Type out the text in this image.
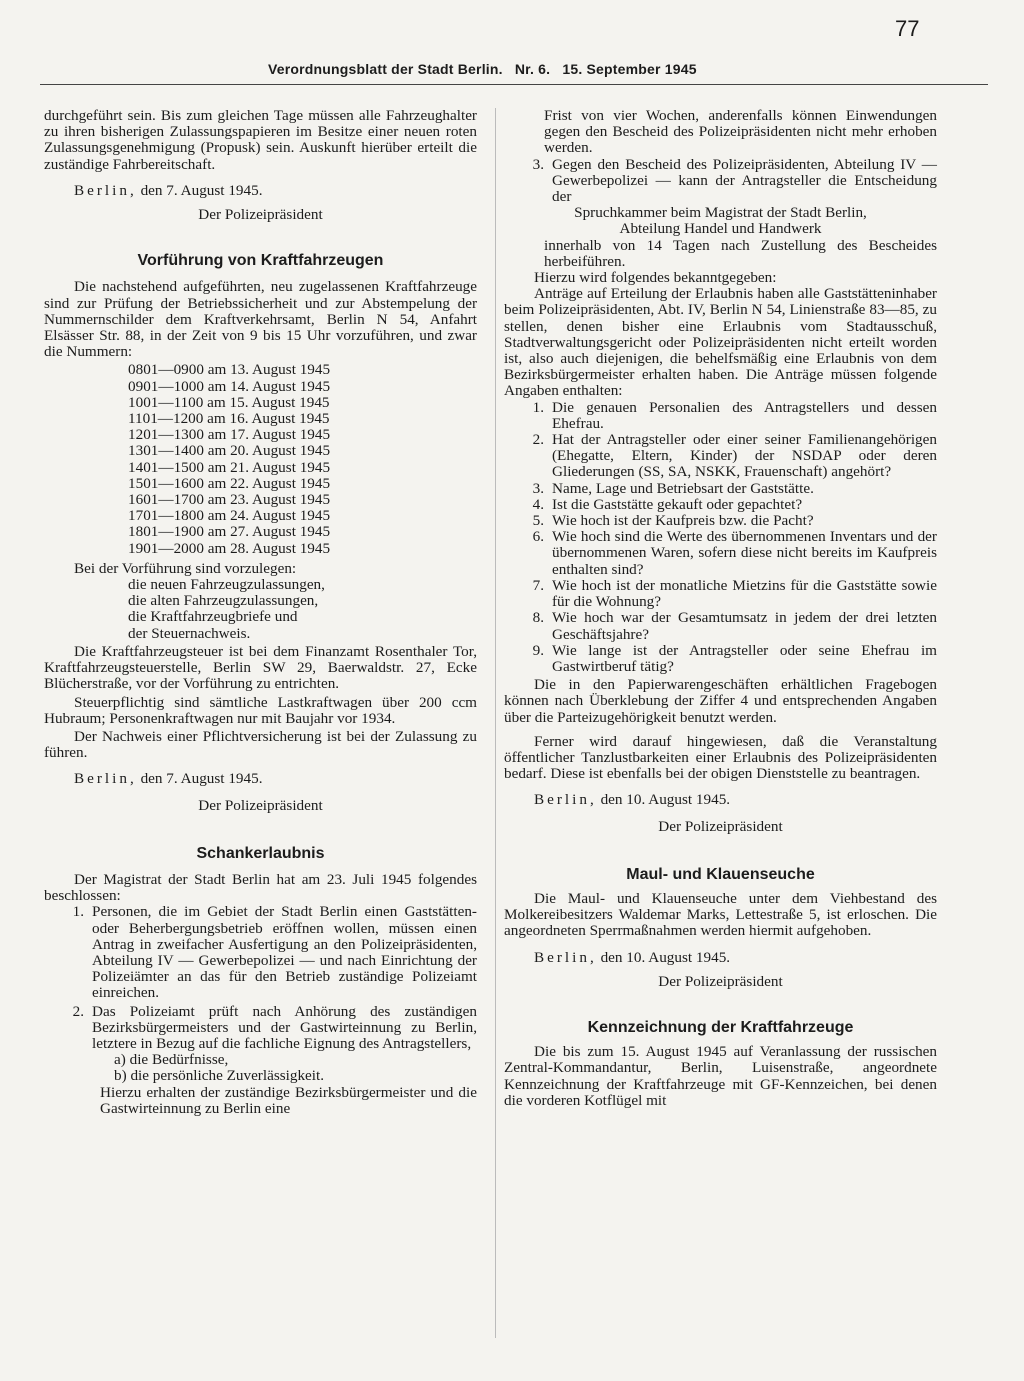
77
Verordnungsblatt der Stadt Berlin. Nr. 6. 15. September 1945

durchgeführt sein. Bis zum gleichen Tage müssen alle Fahrzeughalter zu ihren bisherigen Zulassungspapieren im Besitze einer neuen roten Zulassungsgenehmigung (Propusk) sein. Auskunft hierüber erteilt die zuständige Fahrbereitschaft.

Berlin, den 7. August 1945.

Der Polizeipräsident

Vorführung von Kraftfahrzeugen

Die nachstehend aufgeführten, neu zugelassenen Kraftfahrzeuge sind zur Prüfung der Betriebssicherheit und zur Abstempelung der Nummernschilder dem Kraftverkehrsamt, Berlin N 54, Anfahrt Elsässer Str. 88, in der Zeit von 9 bis 15 Uhr vorzuführen, und zwar die Nummern:

0801—0900 am 13. August 1945
0901—1000 am 14. August 1945
1001—1100 am 15. August 1945
1101—1200 am 16. August 1945
1201—1300 am 17. August 1945
1301—1400 am 20. August 1945
1401—1500 am 21. August 1945
1501—1600 am 22. August 1945
1601—1700 am 23. August 1945
1701—1800 am 24. August 1945
1801—1900 am 27. August 1945
1901—2000 am 28. August 1945

Bei der Vorführung sind vorzulegen:

die neuen Fahrzeugzulassungen,
die alten Fahrzeugzulassungen,
die Kraftfahrzeugbriefe und
der Steuernachweis.

Die Kraftfahrzeugsteuer ist bei dem Finanzamt Rosenthaler Tor, Kraftfahrzeugsteuerstelle, Berlin SW 29, Baerwaldstr. 27, Ecke Blücherstraße, vor der Vorführung zu entrichten.

Steuerpflichtig sind sämtliche Lastkraftwagen über 200 ccm Hubraum; Personenkraftwagen nur mit Baujahr vor 1934.

Der Nachweis einer Pflichtversicherung ist bei der Zulassung zu führen.

Berlin, den 7. August 1945.

Der Polizeipräsident

Schankerlaubnis

Der Magistrat der Stadt Berlin hat am 23. Juli 1945 folgendes beschlossen:

1. Personen, die im Gebiet der Stadt Berlin einen Gaststätten- oder Beherbergungsbetrieb eröffnen wollen, müssen einen Antrag in zweifacher Ausfertigung an den Polizeipräsidenten, Abteilung IV — Gewerbepolizei — und nach Einrichtung der Polizeiämter an das für den Betrieb zuständige Polizeiamt einreichen.
2. Das Polizeiamt prüft nach Anhörung des zuständigen Bezirksbürgermeisters und der Gastwirteinnung zu Berlin, letztere in Bezug auf die fachliche Eignung des Antragstellers,
a) die Bedürfnisse,
b) die persönliche Zuverlässigkeit.

Hierzu erhalten der zuständige Bezirksbürgermeister und die Gastwirteinnung zu Berlin eine

Frist von vier Wochen, anderenfalls können Einwendungen gegen den Bescheid des Polizeipräsidenten nicht mehr erhoben werden.

3. Gegen den Bescheid des Polizeipräsidenten, Abteilung IV — Gewerbepolizei — kann der Antragsteller die Entscheidung der

Spruchkammer beim Magistrat der Stadt Berlin,

Abteilung Handel und Handwerk

innerhalb von 14 Tagen nach Zustellung des Bescheides herbeiführen.

Hierzu wird folgendes bekanntgegeben:

Anträge auf Erteilung der Erlaubnis haben alle Gaststätteninhaber beim Polizeipräsidenten, Abt. IV, Berlin N 54, Linienstraße 83—85, zu stellen, denen bisher eine Erlaubnis vom Stadtausschuß, Stadtverwaltungsgericht oder Polizeipräsidenten nicht erteilt worden ist, also auch diejenigen, die behelfsmäßig eine Erlaubnis von dem Bezirksbürgermeister erhalten haben. Die Anträge müssen folgende Angaben enthalten:

1. Die genauen Personalien des Antragstellers und dessen Ehefrau.
2. Hat der Antragsteller oder einer seiner Familienangehörigen (Ehegatte, Eltern, Kinder) der NSDAP oder deren Gliederungen (SS, SA, NSKK, Frauenschaft) angehört?
3. Name, Lage und Betriebsart der Gaststätte.
4. Ist die Gaststätte gekauft oder gepachtet?
5. Wie hoch ist der Kaufpreis bzw. die Pacht?
6. Wie hoch sind die Werte des übernommenen Inventars und der übernommenen Waren, sofern diese nicht bereits im Kaufpreis enthalten sind?
7. Wie hoch ist der monatliche Mietzins für die Gaststätte sowie für die Wohnung?
8. Wie hoch war der Gesamtumsatz in jedem der drei letzten Geschäftsjahre?
9. Wie lange ist der Antragsteller oder seine Ehefrau im Gastwirtberuf tätig?

Die in den Papierwarengeschäften erhältlichen Fragebogen können nach Überklebung der Ziffer 4 und entsprechenden Angaben über die Parteizugehörigkeit benutzt werden.

Ferner wird darauf hingewiesen, daß die Veranstaltung öffentlicher Tanzlustbarkeiten einer Erlaubnis des Polizeipräsidenten bedarf. Diese ist ebenfalls bei der obigen Dienststelle zu beantragen.

Berlin, den 10. August 1945.

Der Polizeipräsident

Maul- und Klauenseuche

Die Maul- und Klauenseuche unter dem Viehbestand des Molkereibesitzers Waldemar Marks, Lettestraße 5, ist erloschen. Die angeordneten Sperrmaßnahmen werden hiermit aufgehoben.

Berlin, den 10. August 1945.

Der Polizeipräsident

Kennzeichnung der Kraftfahrzeuge

Die bis zum 15. August 1945 auf Veranlassung der russischen Zentral-Kommandantur, Berlin, Luisenstraße, angeordnete Kennzeichnung der Kraftfahrzeuge mit GF-Kennzeichen, bei denen die vorderen Kotflügel mit
